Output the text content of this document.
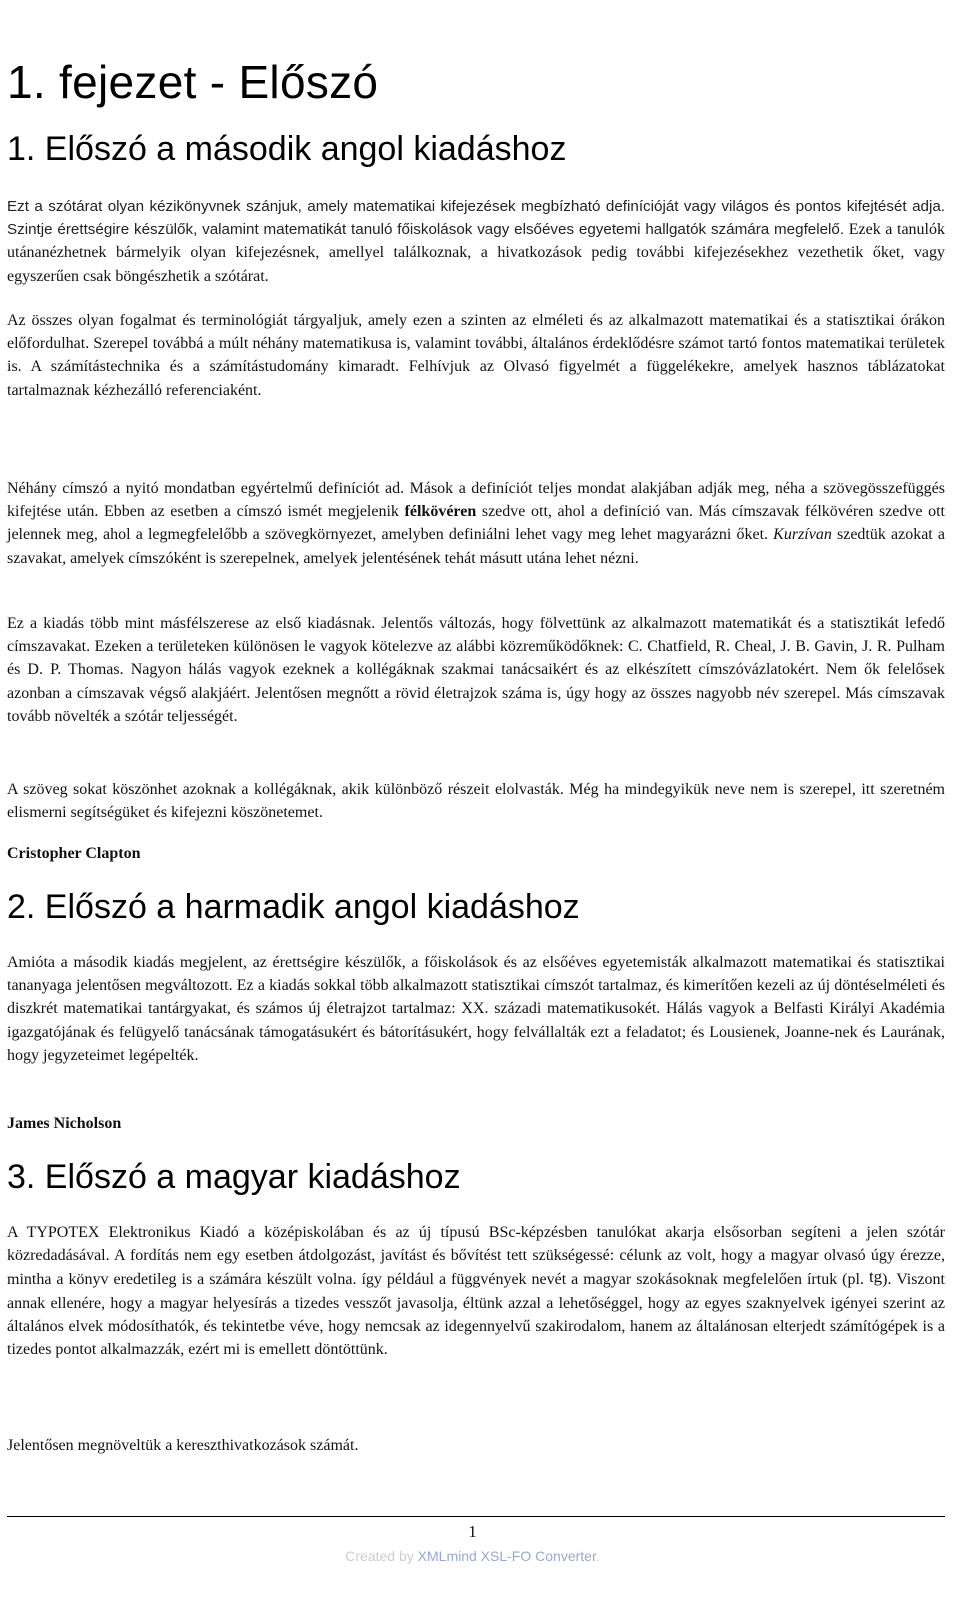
1. fejezet - Előszó
1. Előszó a második angol kiadáshoz

Ezt a szótárat olyan kézikönyvnek szánjuk, amely matematikai kifejezések megbízható definícióját vagy világos és pontos kifejtését adja. Szintje érettségire készülők, valamint matematikát tanuló főiskolások vagy elsőéves egyetemi hallgatók számára megfelelő. Ezek a tanulók utánanézhetnek bármelyik olyan kifejezésnek, amellyel találkoznak, a hivatkozások pedig további kifejezésekhez vezethetik őket, vagy egyszerűen csak böngészhetik a szótárat.

Az összes olyan fogalmat és terminológiát tárgyaljuk, amely ezen a szinten az elméleti és az alkalmazott matematikai és a statisztikai órákon előfordulhat. Szerepel továbbá a múlt néhány matematikusa is, valamint további, általános érdeklődésre számot tartó fontos matematikai területek is. A számítástechnika és a számítástudomány kimaradt. Felhívjuk az Olvasó figyelmét a függelékekre, amelyek hasznos táblázatokat tartalmaznak kézhezálló referenciaként.

Néhány címszó a nyitó mondatban egyértelmű definíciót ad. Mások a definíciót teljes mondat alakjában adják meg, néha a szövegösszefüggés kifejtése után. Ebben az esetben a címszó ismét megjelenik félkövéren szedve ott, ahol a definíció van. Más címszavak félkövéren szedve ott jelennek meg, ahol a legmegfelelőbb a szövegkörnyezet, amelyben definiálni lehet vagy meg lehet magyarázni őket. Kurzívan szedtük azokat a szavakat, amelyek címszóként is szerepelnek, amelyek jelentésének tehát másutt utána lehet nézni.

Ez a kiadás több mint másfélszerese az első kiadásnak. Jelentős változás, hogy fölvettünk az alkalmazott matematikát és a statisztikát lefedő címszavakat. Ezeken a területeken különösen le vagyok kötelezve az alábbi közreműködőknek: C. Chatfield, R. Cheal, J. B. Gavin, J. R. Pulham és D. P. Thomas. Nagyon hálás vagyok ezeknek a kollégáknak szakmai tanácsaikért és az elkészített címszóvázlatokért. Nem ők felelősek azonban a címszavak végső alakjáért. Jelentősen megnőtt a rövid életrajzok száma is, úgy hogy az összes nagyobb név szerepel. Más címszavak tovább növelték a szótár teljességét.

A szöveg sokat köszönhet azoknak a kollégáknak, akik különböző részeit elolvasták. Még ha mindegyikük neve nem is szerepel, itt szeretném elismerni segítségüket és kifejezni köszönetemet.

Cristopher Clapton

2. Előszó a harmadik angol kiadáshoz

Amióta a második kiadás megjelent, az érettségire készülők, a főiskolások és az elsőéves egyetemisták alkalmazott matematikai és statisztikai tananyaga jelentősen megváltozott. Ez a kiadás sokkal több alkalmazott statisztikai címszót tartalmaz, és kimerítően kezeli az új döntéselméleti és diszkrét matematikai tantárgyakat, és számos új életrajzot tartalmaz: XX. századi matematikusokét. Hálás vagyok a Belfasti Királyi Akadémia igazgatójának és felügyelő tanácsának támogatásukért és bátorításukért, hogy felvállalták ezt a feladatot; és Lousienek, Joanne-nek és Laurának, hogy jegyzeteimet legépelték.

James Nicholson

3. Előszó a magyar kiadáshoz

A TYPOTEX Elektronikus Kiadó a középiskolában és az új típusú BSc-képzésben tanulókat akarja elsősorban segíteni a jelen szótár közredadásával. A fordítás nem egy esetben átdolgozást, javítást és bővítést tett szükségessé: célunk az volt, hogy a magyar olvasó úgy érezze, mintha a könyv eredetileg is a számára készült volna. így például a függvények nevét a magyar szokásoknak megfelelően írtuk (pl. tg). Viszont annak ellenére, hogy a magyar helyesírás a tizedes vesszőt javasolja, éltünk azzal a lehetőséggel, hogy az egyes szaknyelvek igényei szerint az általános elvek módosíthatók, és tekintetbe véve, hogy nemcsak az idegennyelvű szakirodalom, hanem az általánosan elterjedt számítógépek is a tizedes pontot alkalmazzák, ezért mi is emellett döntöttünk.

Jelentősen megnöveltük a kereszthivatkozások számát.

1
Created by XMLmind XSL-FO Converter.
